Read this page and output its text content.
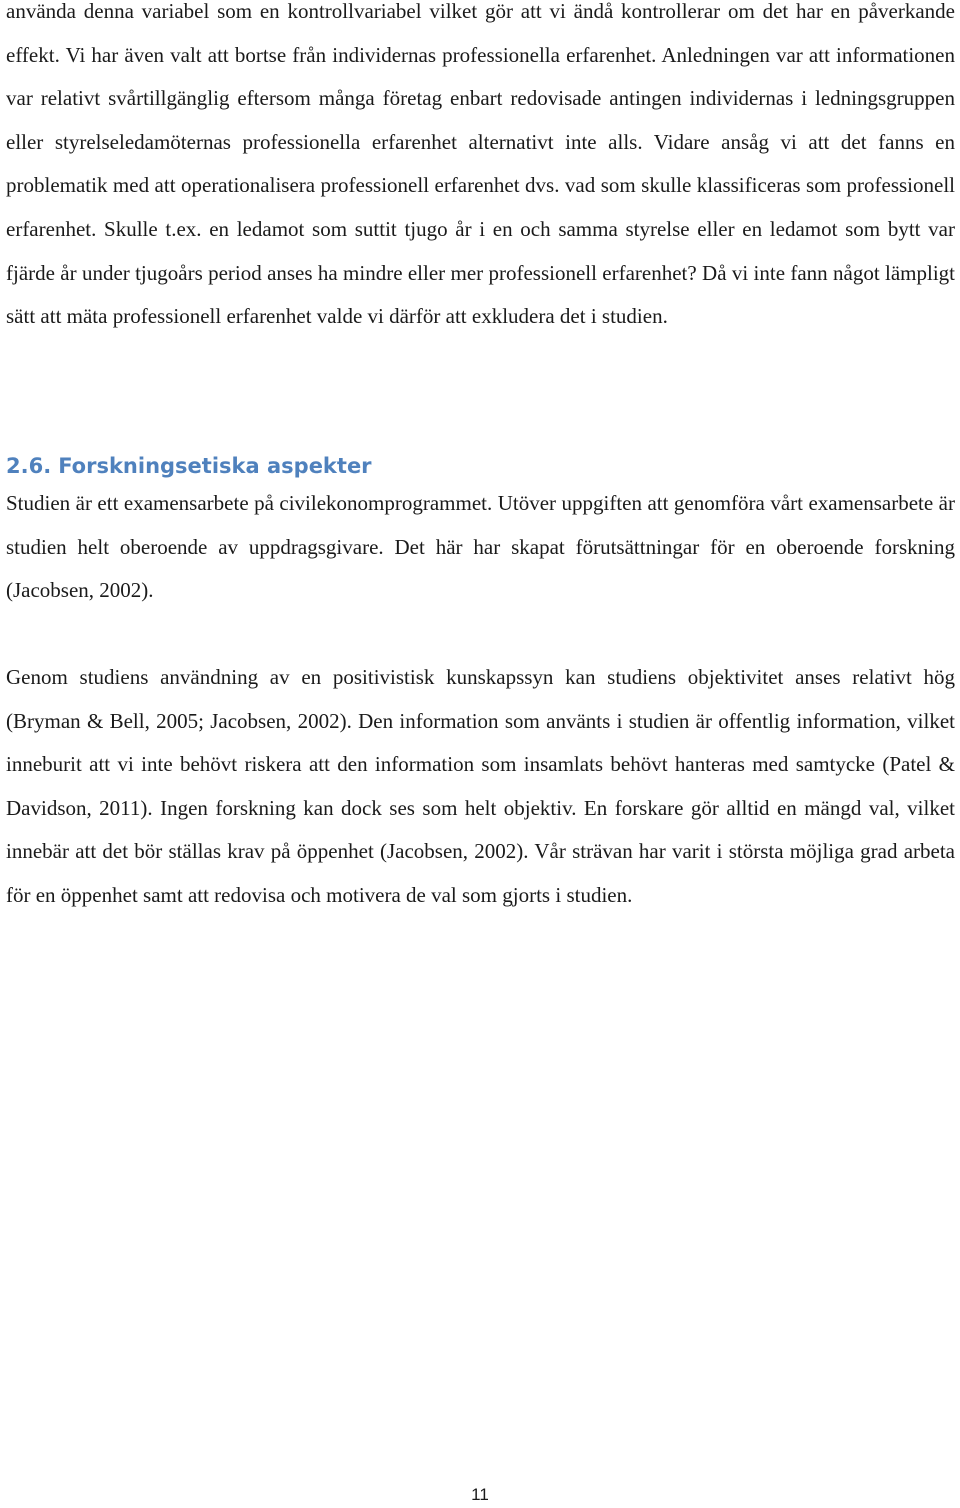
använda denna variabel som en kontrollvariabel vilket gör att vi ändå kontrollerar om det har en påverkande effekt. Vi har även valt att bortse från individernas professionella erfarenhet. Anledningen var att informationen var relativt svårtillgänglig eftersom många företag enbart redovisade antingen individernas i ledningsgruppen eller styrelseledamöternas professionella erfarenhet alternativt inte alls. Vidare ansåg vi att det fanns en problematik med att operationalisera professionell erfarenhet dvs. vad som skulle klassificeras som professionell erfarenhet. Skulle t.ex. en ledamot som suttit tjugo år i en och samma styrelse eller en ledamot som bytt var fjärde år under tjugoårs period anses ha mindre eller mer professionell erfarenhet? Då vi inte fann något lämpligt sätt att mäta professionell erfarenhet valde vi därför att exkludera det i studien.

2.6. Forskningsetiska aspekter

Studien är ett examensarbete på civilekonomprogrammet. Utöver uppgiften att genomföra vårt examensarbete är studien helt oberoende av uppdragsgivare. Det här har skapat förutsättningar för en oberoende forskning (Jacobsen, 2002).

Genom studiens användning av en positivistisk kunskapssyn kan studiens objektivitet anses relativt hög (Bryman & Bell, 2005; Jacobsen, 2002). Den information som använts i studien är offentlig information, vilket inneburit att vi inte behövt riskera att den information som insamlats behövt hanteras med samtycke (Patel & Davidson, 2011). Ingen forskning kan dock ses som helt objektiv. En forskare gör alltid en mängd val, vilket innebär att det bör ställas krav på öppenhet (Jacobsen, 2002). Vår strävan har varit i största möjliga grad arbeta för en öppenhet samt att redovisa och motivera de val som gjorts i studien.

11
